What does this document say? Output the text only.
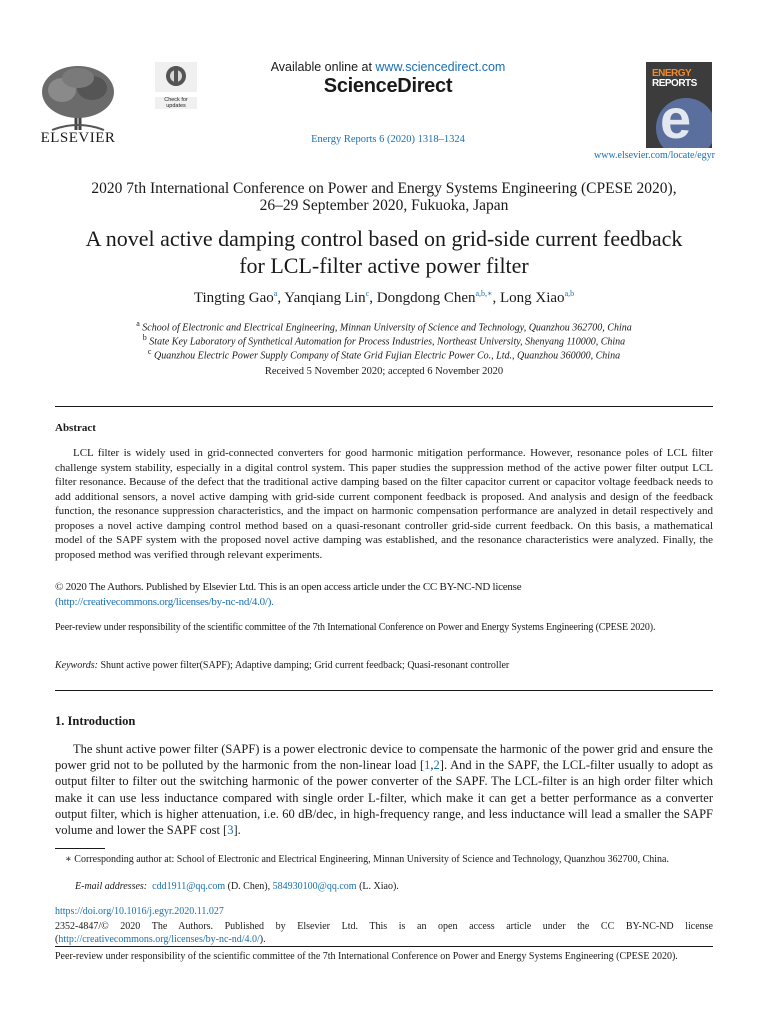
ELSEVIER
Check for updates
Available online at www.sciencedirect.com
ScienceDirect
Energy Reports 6 (2020) 1318–1324
ENERGY
REPORTS
e
www.elsevier.com/locate/egyr
2020 7th International Conference on Power and Energy Systems Engineering (CPESE 2020),
26–29 September 2020, Fukuoka, Japan
A novel active damping control based on grid-side current feedback
for LCL-filter active power filter
Tingting Gao$^a$, Yanqiang Lin$^c$, Dongdong Chen$^{a,b,∗}$, Long Xiao$^{a,b}$
$^a$ School of Electronic and Electrical Engineering, Minnan University of Science and Technology, Quanzhou 362700, China
$^b$ State Key Laboratory of Synthetical Automation for Process Industries, Northeast University, Shenyang 110000, China
$^c$ Quanzhou Electric Power Supply Company of State Grid Fujian Electric Power Co., Ltd., Quanzhou 360000, China
Received 5 November 2020; accepted 6 November 2020
Abstract
LCL filter is widely used in grid-connected converters for good harmonic mitigation performance. However, resonance poles of LCL filter challenge system stability, especially in a digital control system. This paper studies the suppression method of the active power filter output LCL filter resonance. Because of the defect that the traditional active damping based on the filter capacitor current or capacitor voltage feedback needs to add additional sensors, a novel active damping with grid-side current component feedback is proposed. And analysis and design of the feedback function, the resonance suppression characteristics, and the impact on harmonic compensation performance are analyzed in detail respectively and proposes a novel active damping control method based on a quasi-resonant controller grid-side current feedback. On this basis, a mathematical model of the SAPF system with the proposed novel active damping was established, and the resonance characteristics were analyzed. Finally, the proposed method was verified through relevant experiments.
© 2020 The Authors. Published by Elsevier Ltd. This is an open access article under the CC BY-NC-ND license
(http://creativecommons.org/licenses/by-nc-nd/4.0/).
Peer-review under responsibility of the scientific committee of the 7th International Conference on Power and Energy Systems Engineering (CPESE 2020).
Keywords: Shunt active power filter(SAPF); Adaptive damping; Grid current feedback; Quasi-resonant controller
1. Introduction
The shunt active power filter (SAPF) is a power electronic device to compensate the harmonic of the power grid and ensure the power grid not to be polluted by the harmonic from the non-linear load [1,2]. And in the SAPF, the LCL-filter usually to adopt as output filter to filter out the switching harmonic of the power converter of the SAPF. The LCL-filter is an high order filter which make it can use less inductance compared with single order L-filter, which make it can get a better performance as a converter output filter, which is higher attenuation, i.e. 60 dB/dec, in high-frequency range, and less inductance will lead a smaller the SAPF volume and lower the SAPF cost [3].
∗ Corresponding author at: School of Electronic and Electrical Engineering, Minnan University of Science and Technology, Quanzhou 362700, China.
E-mail addresses: cdd1911@qq.com (D. Chen), 584930100@qq.com (L. Xiao).
https://doi.org/10.1016/j.egyr.2020.11.027
2352-4847/© 2020 The Authors. Published by Elsevier Ltd. This is an open access article under the CC BY-NC-ND license (http://creativecommons.org/licenses/by-nc-nd/4.0/).
Peer-review under responsibility of the scientific committee of the 7th International Conference on Power and Energy Systems Engineering (CPESE 2020).
